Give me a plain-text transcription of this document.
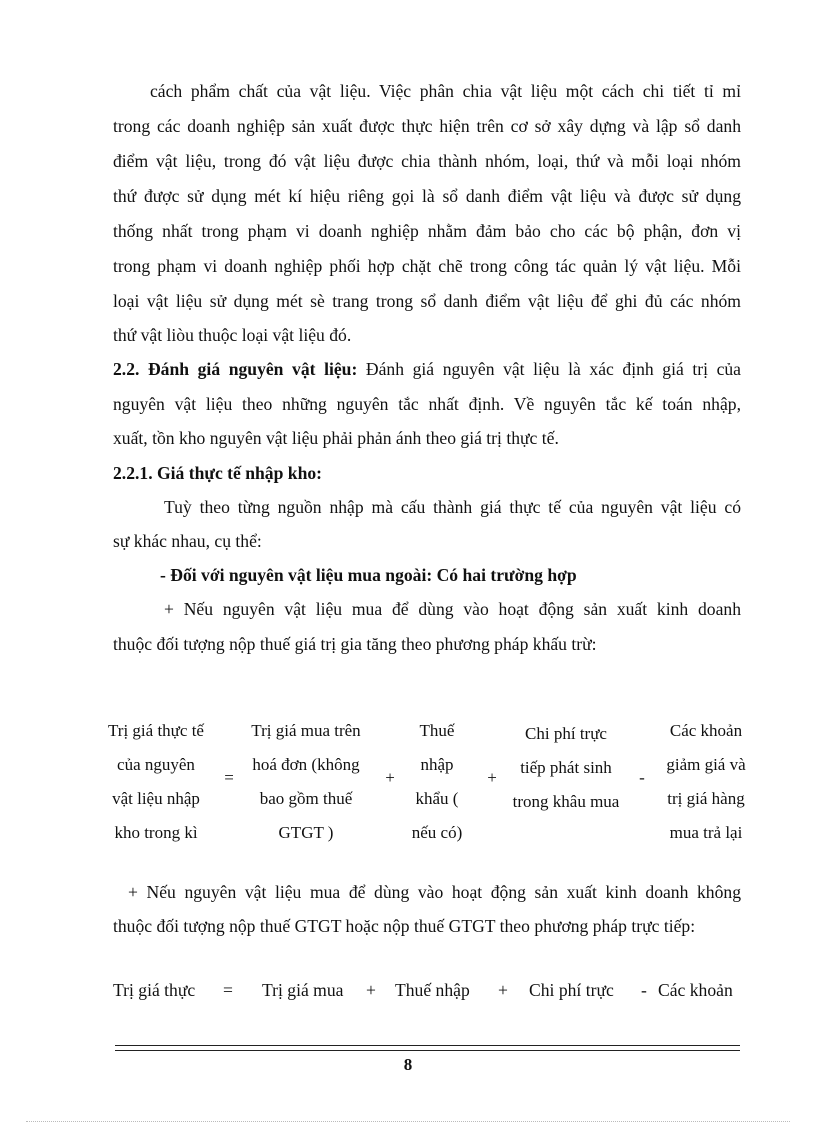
cách phẩm chất của vật liệu. Việc phân chia vật liệu một cách chi tiết tỉ mỉ
trong các doanh nghiệp sản xuất được thực hiện trên cơ sở xây dựng và lập sổ danh
điểm vật liệu, trong đó vật liệu được chia thành nhóm, loại, thứ và mỗi loại nhóm
thứ được sử dụng mét kí hiệu riêng gọi là sổ danh điểm vật liệu và được sử dụng
thống nhất trong phạm vi doanh nghiệp nhằm đảm bảo cho các bộ phận, đơn vị
trong phạm vi doanh nghiệp phối hợp chặt chẽ trong công tác quản lý vật liệu. Mỗi
loại vật liệu sử dụng mét sè trang trong sổ danh điểm vật liệu để ghi đủ các nhóm
thứ vật liòu thuộc loại vật liệu đó.
2.2. Đánh giá nguyên vật liệu: Đánh giá nguyên vật liệu là xác định giá trị của
nguyên vật liệu theo những nguyên tắc nhất định. Về nguyên tắc kế toán nhập,
xuất, tồn kho nguyên vật liệu phải phản ánh theo giá trị thực tế.
2.2.1. Giá thực tế nhập kho:
Tuỳ theo từng nguồn nhập mà cấu thành giá thực tế của nguyên vật liệu có
sự khác nhau, cụ thể:
- Đối với nguyên vật liệu mua ngoài: Có hai trường hợp
+ Nếu nguyên vật liệu mua để dùng vào hoạt động sản xuất kinh doanh
thuộc đối tượng nộp thuế giá trị gia tăng theo phương pháp khấu trừ:
Trị giá thực tế
của nguyên
vật liệu nhập
kho trong kì
=
Trị giá mua trên
hoá đơn (không
bao gồm thuế
GTGT )
+
Thuế
nhập
khẩu (
nếu có)
+
Chi phí trực
tiếp phát sinh
trong khâu mua
-
Các khoản
giảm giá và
trị giá hàng
mua trả lại
+ Nếu nguyên vật liệu mua để dùng vào hoạt động sản xuất kinh doanh không
thuộc đối tượng nộp thuế GTGT hoặc nộp thuế GTGT theo phương pháp trực tiếp:
Trị giá thực = Trị giá mua + Thuế nhập + Chi phí trực - Các khoản
8
